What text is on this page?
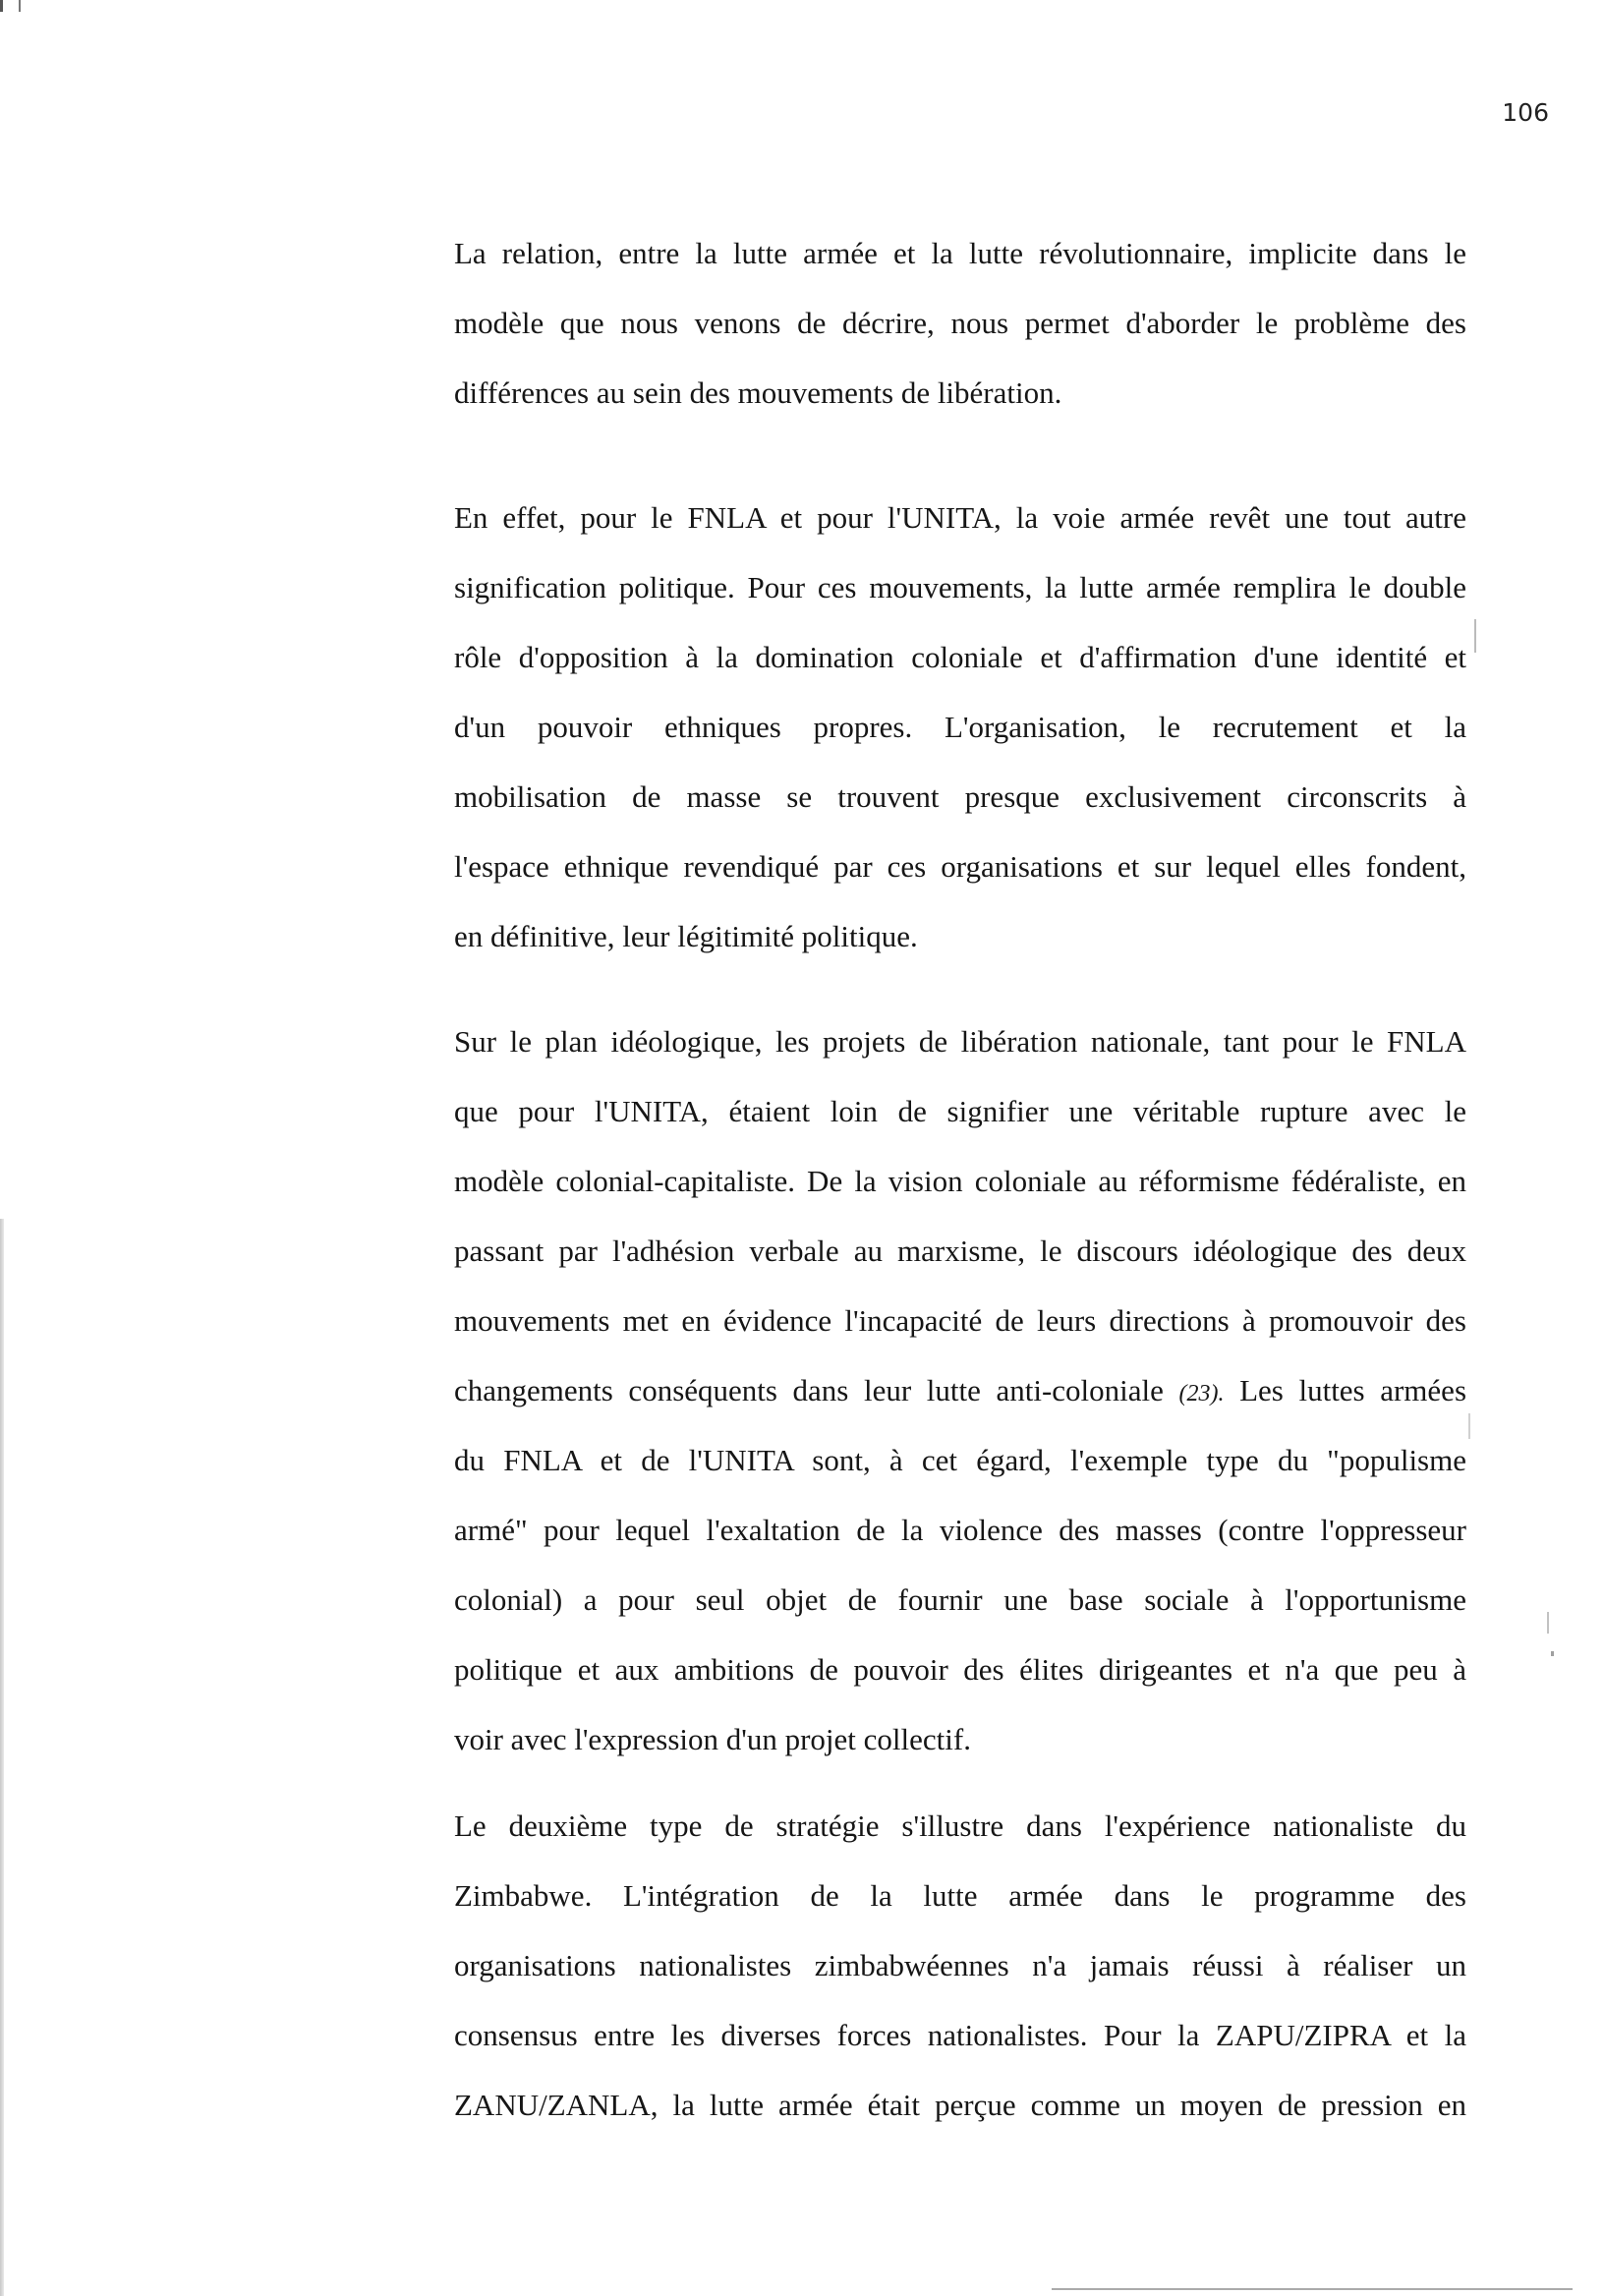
106
La relation, entre la lutte armée et la lutte révolutionnaire, implicite dans le
modèle que nous venons de décrire, nous permet d'aborder le problème des
différences au sein des mouvements de libération.
En effet, pour le FNLA et pour l'UNITA, la voie armée revêt une tout autre
signification politique. Pour ces mouvements, la lutte armée remplira le double
rôle d'opposition à la domination coloniale et d'affirmation d'une identité et
d'un pouvoir ethniques propres. L'organisation, le recrutement et la
mobilisation de masse se trouvent presque exclusivement circonscrits à
l'espace ethnique revendiqué par ces organisations et sur lequel elles fondent,
en définitive, leur légitimité politique.
Sur le plan idéologique, les projets de libération nationale, tant pour le FNLA
que pour l'UNITA, étaient loin de signifier une véritable rupture avec le
modèle colonial-capitaliste. De la vision coloniale au réformisme fédéraliste, en
passant par l'adhésion verbale au marxisme, le discours idéologique des deux
mouvements met en évidence l'incapacité de leurs directions à promouvoir des
changements conséquents dans leur lutte anti-coloniale (23). Les luttes armées
du FNLA et de l'UNITA sont, à cet égard, l'exemple type du "populisme
armé" pour lequel l'exaltation de la violence des masses (contre l'oppresseur
colonial) a pour seul objet de fournir une base sociale à l'opportunisme
politique et aux ambitions de pouvoir des élites dirigeantes et n'a que peu à
voir avec l'expression d'un projet collectif.
Le deuxième type de stratégie s'illustre dans l'expérience nationaliste du
Zimbabwe. L'intégration de la lutte armée dans le programme des
organisations nationalistes zimbabwéennes n'a jamais réussi à réaliser un
consensus entre les diverses forces nationalistes. Pour la ZAPU/ZIPRA et la
ZANU/ZANLA, la lutte armée était perçue comme un moyen de pression en
